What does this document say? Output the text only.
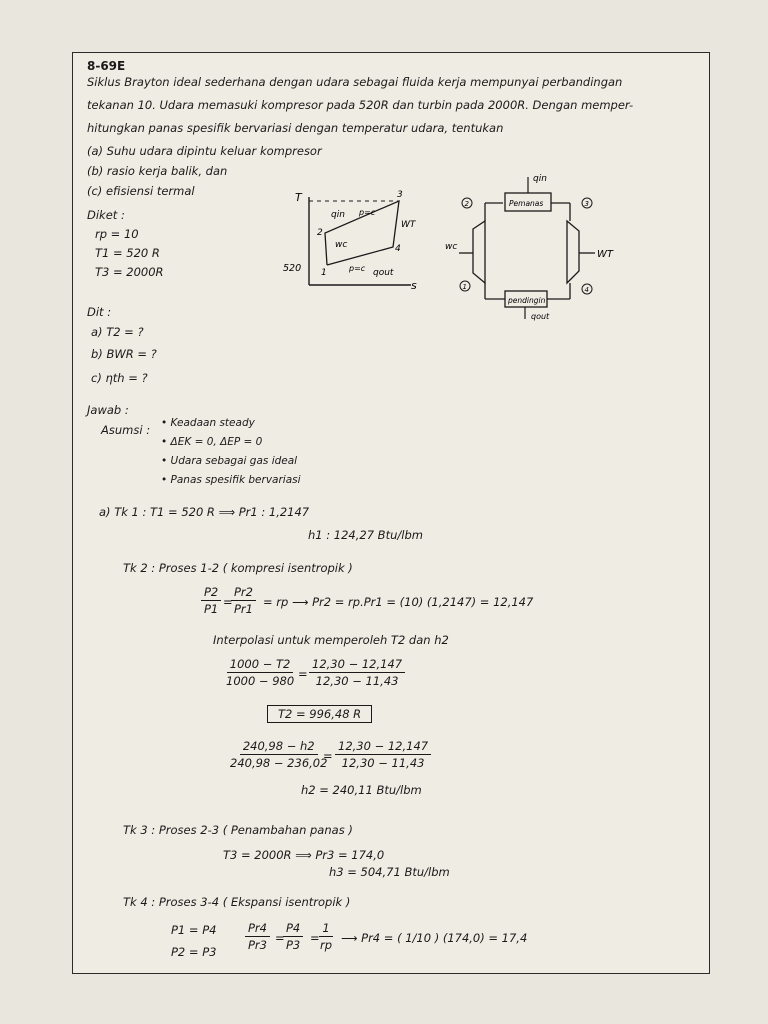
8-69E
Siklus Brayton ideal sederhana dengan udara sebagai fluida kerja mempunyai perbandingan
tekanan 10. Udara memasuki kompresor pada 520R dan turbin pada 2000R. Dengan memper-
hitungkan panas spesifik bervariasi dengan temperatur udara, tentukan
(a) Suhu udara dipintu keluar kompresor
(b) rasio kerja balik, dan
(c) efisiensi termal
Diket :
rp = 10
T1 = 520 R
T3 = 2000R
T
s
520 1
2
3
4
qin p=c
wc
p=c qout
WT
Pemanas
qin
WT
wc
pendingin
qout
1
2	3
4
Dit :
a) T2 = ?
b) BWR = ?
c) ηth = ?
Jawab :
Asumsi : • Keadaan steady
• ΔEK = 0, ΔEP = 0
• Udara sebagai gas ideal
• Panas spesifik bervariasi
a) Tk 1 : T1 = 520 R ⟹ Pr1 : 1,2147
h1 : 124,27 Btu/lbm
Tk 2 : Proses 1-2 ( kompresi isentropik )
$\frac{P2}{P1}$ =
$\frac{Pr2}{Pr1}$ = rp ⟶ Pr2 = rp.Pr1 = (10) (1,2147) = 12,147
Interpolasi untuk memperoleh T2 dan h2
$\frac{1000 - T2}{1000 - 980} = \frac{12,30 - 12,147}{12,30 - 11,43}$
T2 = 996,48 R
$\frac{240,98 - h2}{240,98 - 236,02}$
= $\frac{12,30 - 12,147}{12,30 - 11,43}$
h2 = 240,11 Btu/lbm
Tk 3 : Proses 2-3 ( Penambahan panas )
T3 = 2000R ⟹ Pr3 = 174,0
h3 = 504,71 Btu/lbm
Tk 4 : Proses 3-4 ( Ekspansi isentropik )
P1 = P4
$P2 = P3 \frac{Pr4}{Pr3}$ =
$\frac{P4}{P3}$ =
$\frac{1}{rp}$ ⟶ Pr4 = ( 1/10 ) (174,0) = 17,4
